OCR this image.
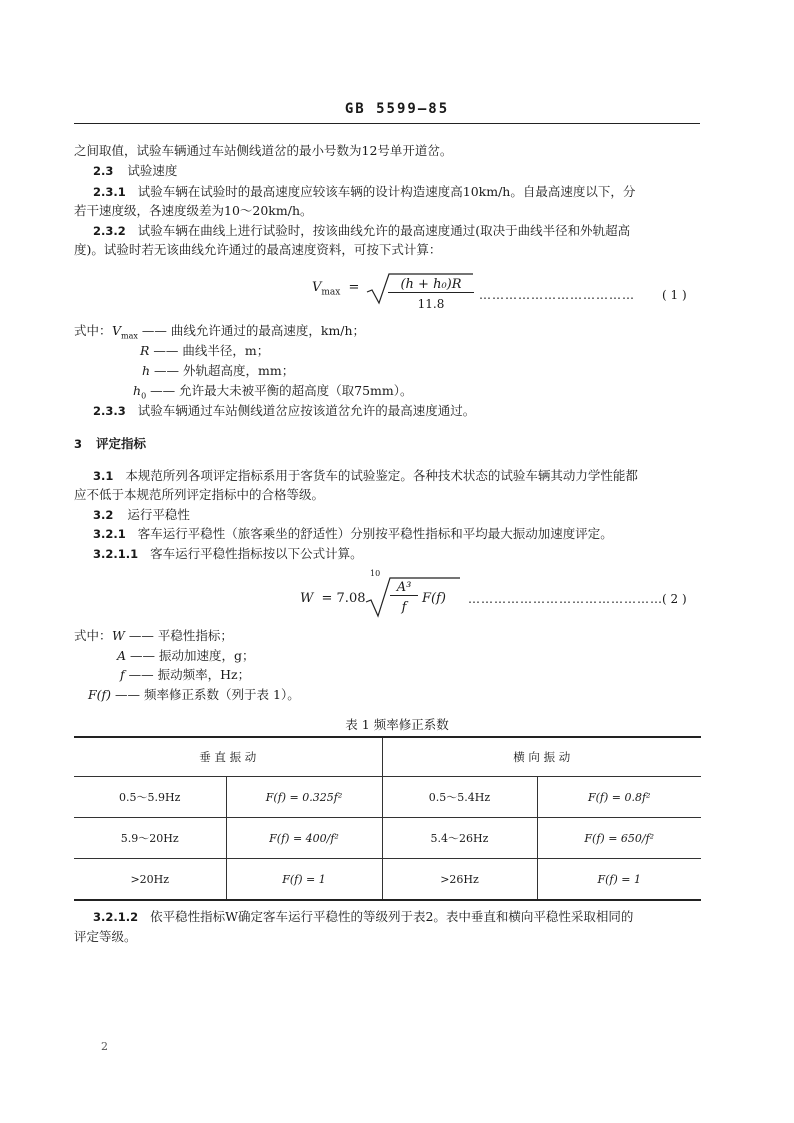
GB 5599—85
之间取值，试验车辆通过车站侧线道岔的最小号数为12号单开道岔。
2.3 试验速度
2.3.1 试验车辆在试验时的最高速度应较该车辆的设计构造速度高10km/h。自最高速度以下，分
若干速度级，各速度级差为10～20km/h。
2.3.2 试验车辆在曲线上进行试验时，按该曲线允许的最高速度通过(取决于曲线半径和外轨超高
度)。试验时若无该曲线允许通过的最高速度资料，可按下式计算：
$V_{max}$ =	(h + h₀)R
11.8
……………………………… ( 1 )
式中： $V_{max}$ —— 曲线允许通过的最高速度，km/h；
R —— 曲线半径，m；
h —— 外轨超高度，mm；
$h_0$ —— 允许最大未被平衡的超高度（取75mm）。
2.3.3 试验车辆通过车站侧线道岔应按该道岔允许的最高速度通过。
3 评定指标
3.1 本规范所列各项评定指标系用于客货车的试验鉴定。各种技术状态的试验车辆其动力学性能都
应不低于本规范所列评定指标中的合格等级。
3.2 运行平稳性
3.2.1 客车运行平稳性（旅客乘坐的舒适性）分别按平稳性指标和平均最大振动加速度评定。
3.2.1.1 客车运行平稳性指标按以下公式计算。
W = 7.08
10
A³
f
F(f) ……………………………………… ( 2 )
式中： W —— 平稳性指标；
A —— 振动加速度，g；
f —— 振动频率，Hz；
F(f) —— 频率修正系数（列于表 1）。
表 1 频率修正系数
垂 直 振 动		横 向 振 动	
0.5～5.9Hz	F(f) = 0.325f²	0.5～5.4Hz	F(f) = 0.8f²
5.9～20Hz	F(f) = 400/f²	5.4～26Hz	F(f) = 650/f²
>20Hz	F(f) = 1	>26Hz	F(f) = 1
3.2.1.2 依平稳性指标W确定客车运行平稳性的等级列于表2。表中垂直和横向平稳性采取相同的
评定等级。
2
